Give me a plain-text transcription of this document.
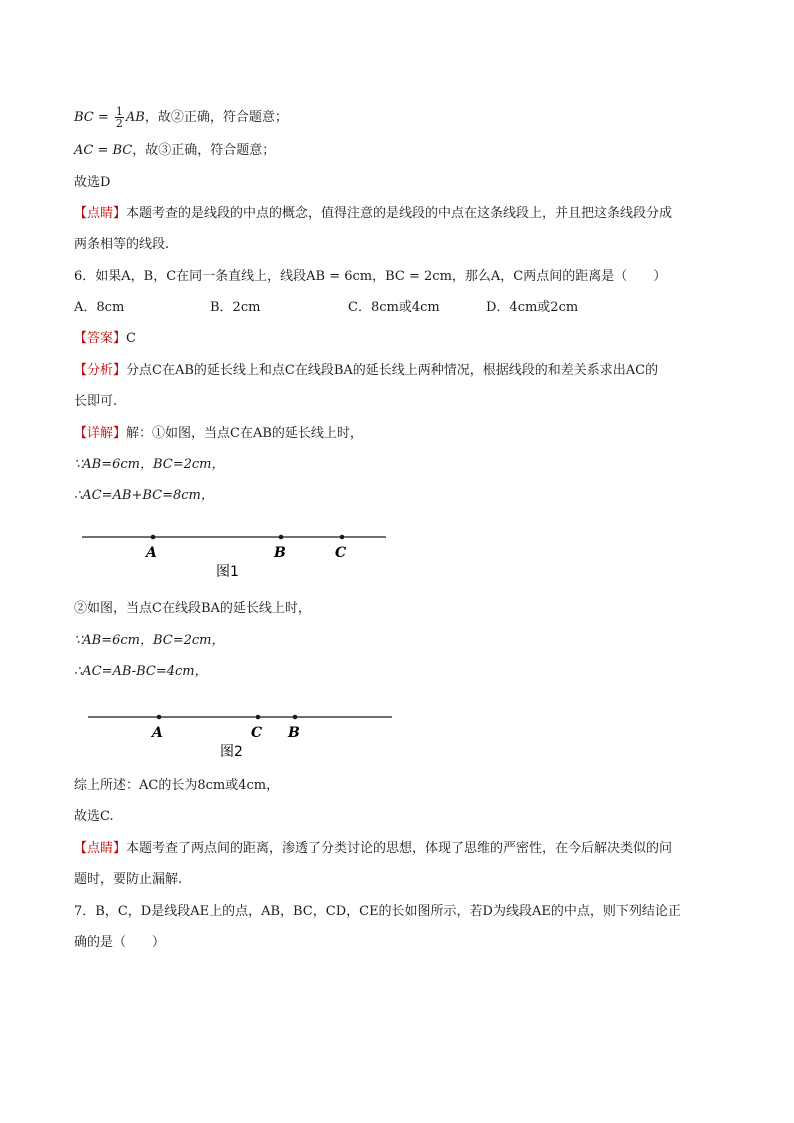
BC = $\frac{1}{2}$ AB，故②正确，符合题意；
AC = BC，故③正确，符合题意；
故选D
【点睛】本题考查的是线段的中点的概念，值得注意的是线段的中点在这条线段上，并且把这条线段分成
两条相等的线段.
6．如果A，B，C在同一条直线上，线段AB = 6cm，BC = 2cm，那么A，C两点间的距离是（　　）
A．8cm	B．2cm	C．8cm或4cm	D．4cm或2cm
【答案】C
【分析】分点C在AB的延长线上和点C在线段BA的延长线上两种情况，根据线段的和差关系求出AC的
长即可.
【详解】解：①如图，当点C在AB的延长线上时，
∵AB=6cm，BC=2cm，
∴AC=AB+BC=8cm，
A	B	C
图1
②如图，当点C在线段BA的延长线上时，
∵AB=6cm，BC=2cm，
∴AC=AB-BC=4cm，
A	C B
图2
综上所述：AC的长为8cm或4cm，
故选C.
【点睛】本题考查了两点间的距离，渗透了分类讨论的思想，体现了思维的严密性，在今后解决类似的问
题时，要防止漏解.
7．B，C，D是线段AE上的点，AB，BC，CD，CE的长如图所示，若D为线段AE的中点，则下列结论正
确的是（　　）
